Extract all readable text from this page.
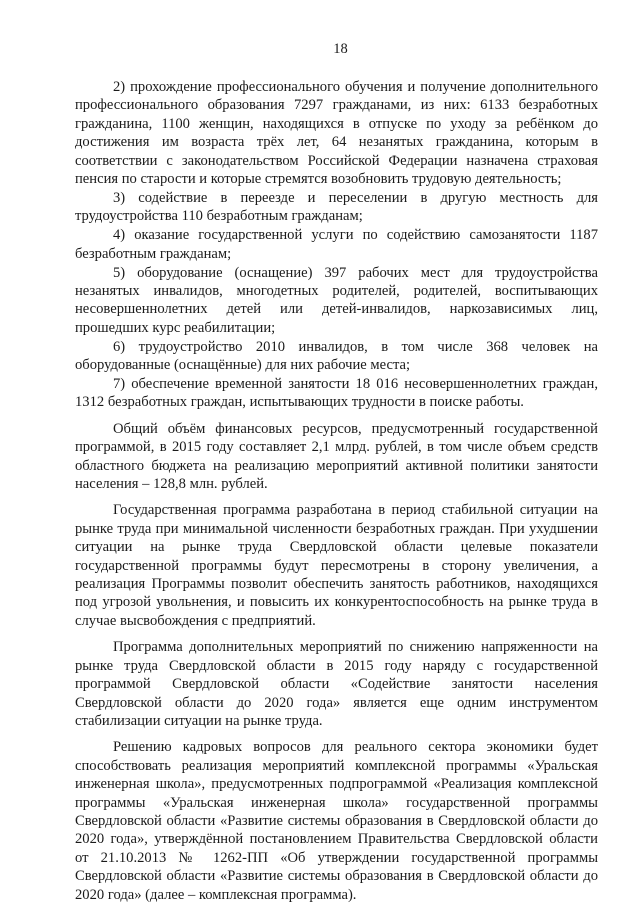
18

2) прохождение профессионального обучения и получение дополнительного профессионального образования 7297 гражданами, из них: 6133 безработных гражданина, 1100 женщин, находящихся в отпуске по уходу за ребёнком до достижения им возраста трёх лет, 64 незанятых гражданина, которым в соответствии с законодательством Российской Федерации назначена страховая пенсия по старости и которые стремятся возобновить трудовую деятельность;

3) содействие в переезде и переселении в другую местность для трудоустройства 110 безработным гражданам;

4) оказание государственной услуги по содействию самозанятости 1187 безработным гражданам;

5) оборудование (оснащение) 397 рабочих мест для трудоустройства незанятых инвалидов, многодетных родителей, родителей, воспитывающих несовершеннолетних детей или детей-инвалидов, наркозависимых лиц, прошедших курс реабилитации;

6) трудоустройство 2010 инвалидов, в том числе 368 человек на оборудованные (оснащённые) для них рабочие места;

7) обеспечение временной занятости 18 016 несовершеннолетних граждан, 1312 безработных граждан, испытывающих трудности в поиске работы.

Общий объём финансовых ресурсов, предусмотренный государственной программой, в 2015 году составляет 2,1 млрд. рублей, в том числе объем средств областного бюджета на реализацию мероприятий активной политики занятости населения – 128,8 млн. рублей.

Государственная программа разработана в период стабильной ситуации на рынке труда при минимальной численности безработных граждан. При ухудшении ситуации на рынке труда Свердловской области целевые показатели государственной программы будут пересмотрены в сторону увеличения, а реализация Программы позволит обеспечить занятость работников, находящихся под угрозой увольнения, и повысить их конкурентоспособность на рынке труда в случае высвобождения с предприятий.

Программа дополнительных мероприятий по снижению напряженности на рынке труда Свердловской области в 2015 году наряду с государственной программой Свердловской области «Содействие занятости населения Свердловской области до 2020 года» является еще одним инструментом стабилизации ситуации на рынке труда.

Решению кадровых вопросов для реального сектора экономики будет способствовать реализация мероприятий комплексной программы «Уральская инженерная школа», предусмотренных подпрограммой «Реализация комплексной программы «Уральская инженерная школа» государственной программы Свердловской области «Развитие системы образования в Свердловской области до 2020 года», утверждённой постановлением Правительства Свердловской области от 21.10.2013 № 1262-ПП «Об утверждении государственной программы Свердловской области «Развитие системы образования в Свердловской области до 2020 года» (далее – комплексная программа).
